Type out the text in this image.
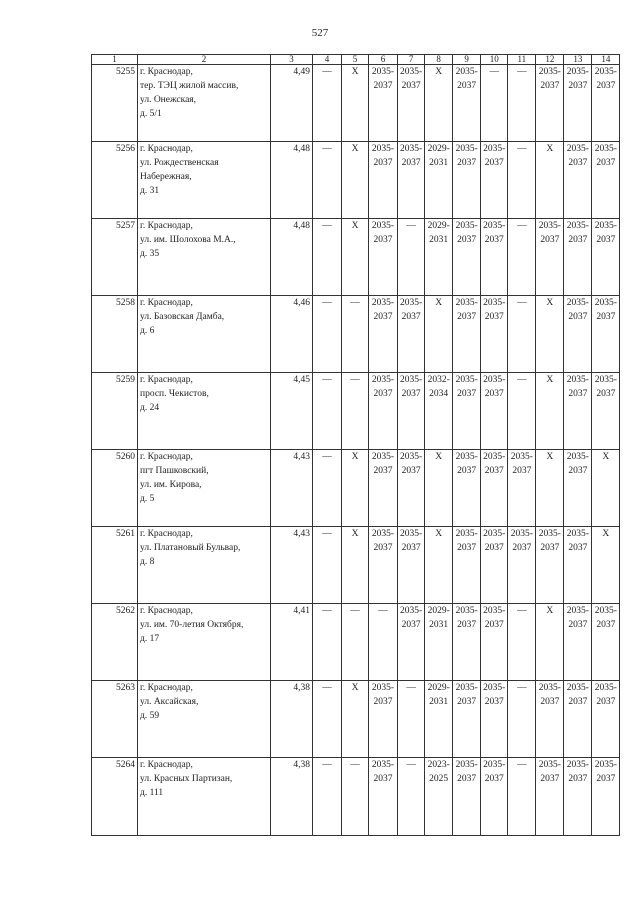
527
1	2	3	4	5	6	7	8	9	10	11	12	13	14
5255	г. Краснодар,
тер. ТЭЦ жилой массив,
ул. Онежская,
д. 5/1	4,49	—	Х	2035-
2037	2035-
2037	Х	2035-
2037	—	—	2035-
2037	2035-
2037	2035-
2037
5256	г. Краснодар,
ул. Рождественская
Набережная,
д. 31	4,48	—	Х	2035-
2037	2035-
2037	2029-
2031	2035-
2037	2035-
2037	—	Х	2035-
2037	2035-
2037
5257	г. Краснодар,
ул. им. Шолохова М.А.,
д. 35	4,48	—	Х	2035-
2037	—	2029-
2031	2035-
2037	2035-
2037	—	2035-
2037	2035-
2037	2035-
2037
5258	г. Краснодар,
ул. Базовская Дамба,
д. 6	4,46	—	—	2035-
2037	2035-
2037	Х	2035-
2037	2035-
2037	—	Х	2035-
2037	2035-
2037
5259	г. Краснодар,
просп. Чекистов,
д. 24	4,45	—	—	2035-
2037	2035-
2037	2032-
2034	2035-
2037	2035-
2037	—	Х	2035-
2037	2035-
2037
5260	г. Краснодар,
пгт Пашковский,
ул. им. Кирова,
д. 5	4,43	—	Х	2035-
2037	2035-
2037	Х	2035-
2037	2035-
2037	2035-
2037	Х	2035-
2037	Х
5261	г. Краснодар,
ул. Платановый Бульвар,
д. 8	4,43	—	Х	2035-
2037	2035-
2037	Х	2035-
2037	2035-
2037	2035-
2037	2035-
2037	2035-
2037	Х
5262	г. Краснодар,
ул. им. 70-летия Октября,
д. 17	4,41	—	—	—	2035-
2037	2029-
2031	2035-
2037	2035-
2037	—	Х	2035-
2037	2035-
2037
5263	г. Краснодар,
ул. Аксайская,
д. 59	4,38	—	Х	2035-
2037	—	2029-
2031	2035-
2037	2035-
2037	—	2035-
2037	2035-
2037	2035-
2037
5264	г. Краснодар,
ул. Красных Партизан,
д. 111	4,38	—	—	2035-
2037	—	2023-
2025	2035-
2037	2035-
2037	—	2035-
2037	2035-
2037	2035-
2037
